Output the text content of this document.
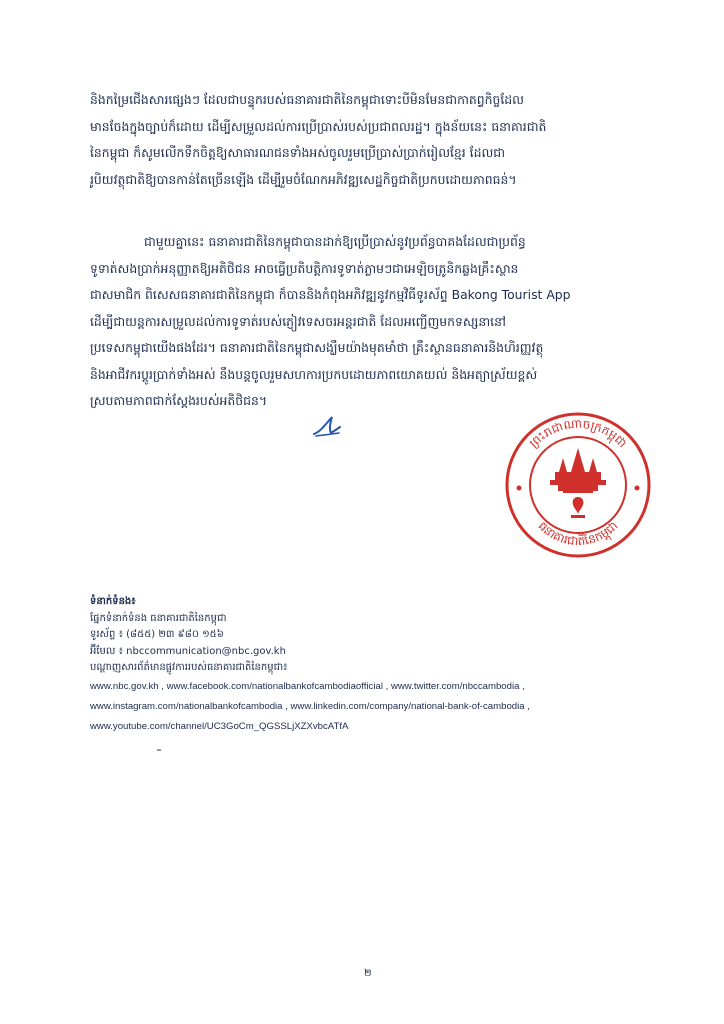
និងកម្រៃជើងសារផ្សេងៗ ដែលជាបន្ទុករបស់ធនាគារជាតិនៃកម្ពុជាទោះបីមិនមែនជាកាតព្វកិច្ចដែល
មានចែងក្នុងច្បាប់ក៏ដោយ ដើម្បីសម្រួលដល់ការប្រើប្រាស់របស់ប្រជាពលរដ្ឋ។ ក្នុងន័យនេះ ធនាគារជាតិ
នៃកម្ពុជា ក៏សូមលើកទឹកចិត្តឱ្យសាធារណជនទាំងអស់ចូលរួមប្រើប្រាស់ប្រាក់រៀលខ្មែរ ដែលជា
រូបិយវត្ថុជាតិឱ្យបានកាន់តែច្រើនឡើង ដើម្បីរួមចំណែកអភិវឌ្ឍសេដ្ឋកិច្ចជាតិប្រកបដោយភាពធន់។
ជាមួយគ្នានេះ ធនាគារជាតិនៃកម្ពុជាបានដាក់ឱ្យប្រើប្រាស់នូវប្រព័ន្ធបាគងដែលជាប្រព័ន្ធ
ទូទាត់សងប្រាក់អនុញ្ញាតឱ្យអតិថិជន អាចធ្វើប្រតិបត្តិការទូទាត់ភ្លាមៗជាអេឡិចត្រូនិកឆ្លងគ្រឹះស្ថាន
ជាសមាជិក ពិសេសធនាគារជាតិនៃកម្ពុជា ក៏បាននិងកំពុងអភិវឌ្ឍនូវកម្មវិធីទូរស័ព្ទ Bakong Tourist App
ដើម្បីជាយន្តការសម្រួលដល់ការទូទាត់របស់ភ្ញៀវទេសចរអន្តរជាតិ ដែលអញ្ជើញមកទស្សនានៅ
ប្រទេសកម្ពុជាយើងផងដែរ។ ធនាគារជាតិនៃកម្ពុជាសង្ឃឹមយ៉ាងមុតមាំថា គ្រឹះស្ថានធនាគារនិងហិរញ្ញវត្ថុ
និងអាជីវករប្តូរប្រាក់ទាំងអស់ នឹងបន្តចូលរួមសហការប្រកបដោយភាពយោគយល់ និងអត្យាស្រ័យខ្ពស់
ស្របតាមភាពជាក់ស្តែងរបស់អតិថិជន។
ព្រះរាជាណាចក្រកម្ពុជា
ធនាគារជាតិនៃកម្ពុជា
ទំនាក់ទំនង៖
ផ្នែកទំនាក់ទំនង ធនាគារជាតិនៃកម្ពុជា
ទូរស័ព្ទ ៖ (៨៥៥) ២៣ ៩៨០ ១៥៦
អ៊ីមែល ៖ nbccommunication@nbc.gov.kh
បណ្តាញសារព័ត៌មានផ្លូវការរបស់ធនាគារជាតិនៃកម្ពុជា៖
www.nbc.gov.kh , www.facebook.com/nationalbankofcambodiaofficial , www.twitter.com/nbccambodia ,
www.instagram.com/nationalbankofcambodia , www.linkedin.com/company/national-bank-of-cambodia ,
www.youtube.com/channel/UC3GoCm_QGSSLjXZXvbcATfA
២
